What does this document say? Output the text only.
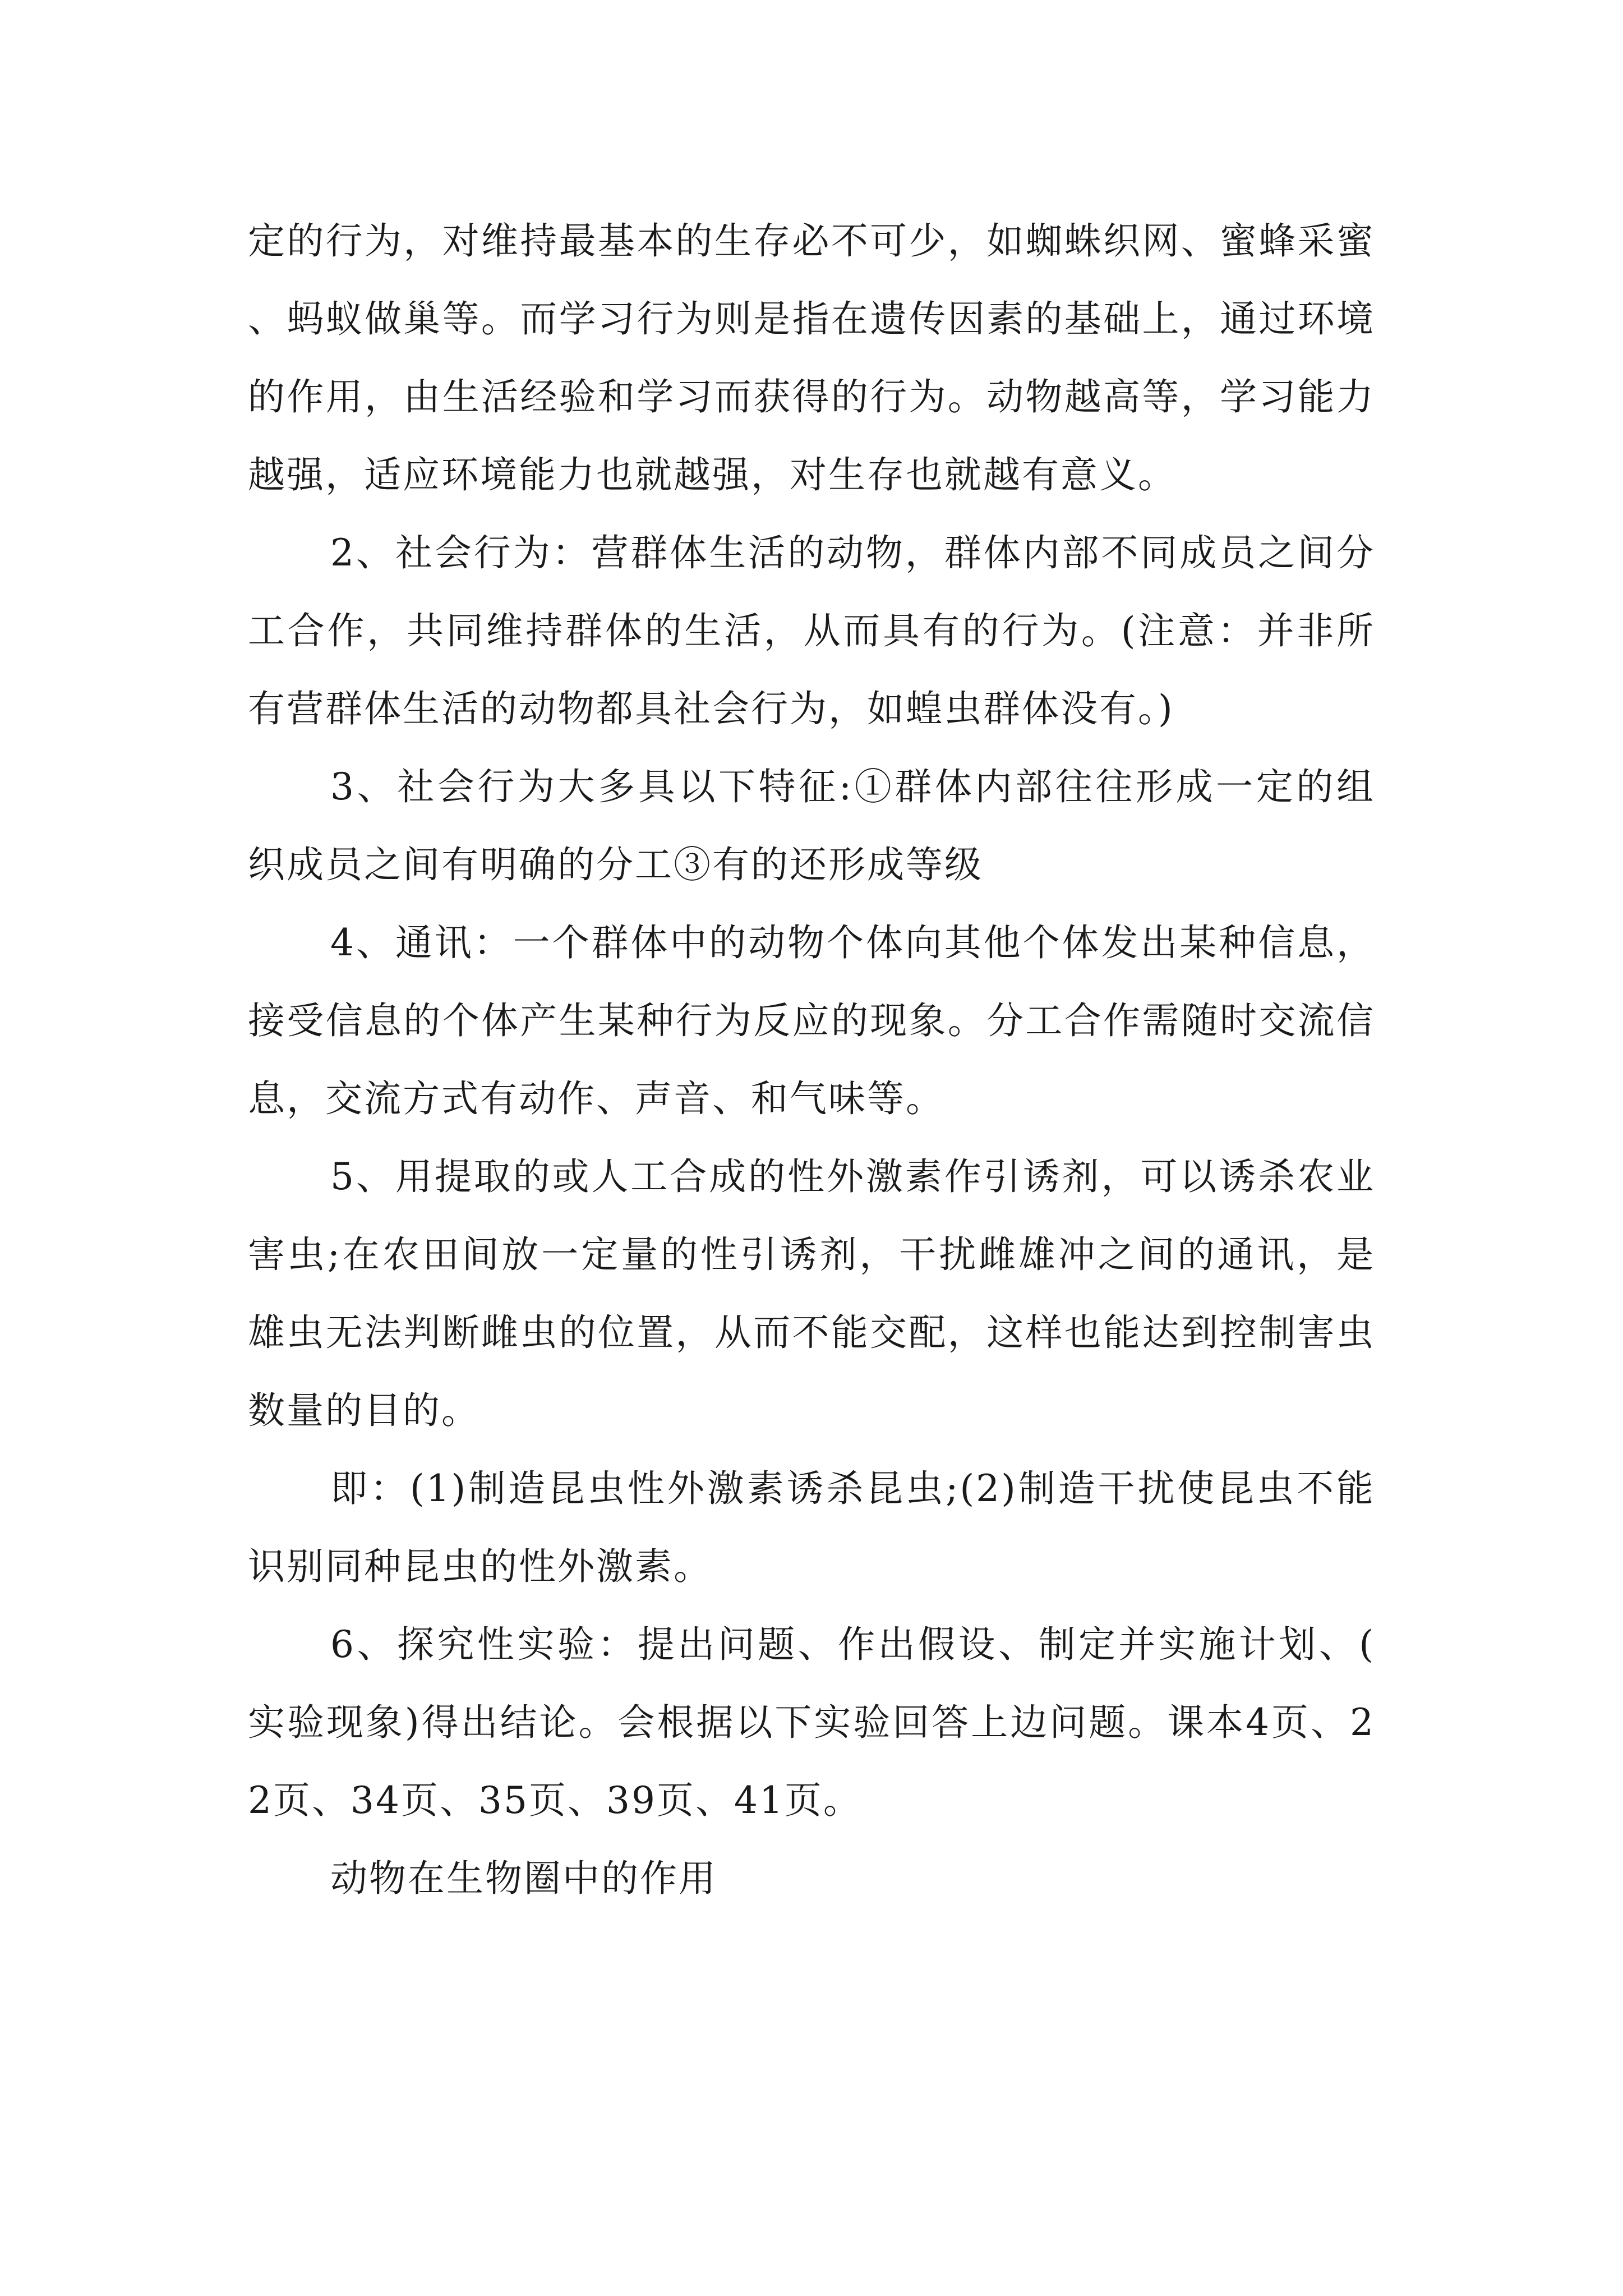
定的行为，对维持最基本的生存必不可少，如蜘蛛织网、蜜蜂采蜜、蚂蚁做巢等。而学习行为则是指在遗传因素的基础上，通过环境的作用，由生活经验和学习而获得的行为。动物越高等，学习能力越强，适应环境能力也就越强，对生存也就越有意义。

2、社会行为：营群体生活的动物，群体内部不同成员之间分工合作，共同维持群体的生活，从而具有的行为。(注意：并非所有营群体生活的动物都具社会行为，如蝗虫群体没有。)

3、社会行为大多具以下特征:①群体内部往往形成一定的组织成员之间有明确的分工③有的还形成等级

4、通讯：一个群体中的动物个体向其他个体发出某种信息，接受信息的个体产生某种行为反应的现象。分工合作需随时交流信息，交流方式有动作、声音、和气味等。

5、用提取的或人工合成的性外激素作引诱剂，可以诱杀农业害虫;在农田间放一定量的性引诱剂，干扰雌雄冲之间的通讯，是雄虫无法判断雌虫的位置，从而不能交配，这样也能达到控制害虫数量的目的。

即：(1)制造昆虫性外激素诱杀昆虫;(2)制造干扰使昆虫不能识别同种昆虫的性外激素。

6、探究性实验：提出问题、作出假设、制定并实施计划、(实验现象)得出结论。会根据以下实验回答上边问题。课本4页、22页、34页、35页、39页、41页。

动物在生物圈中的作用
